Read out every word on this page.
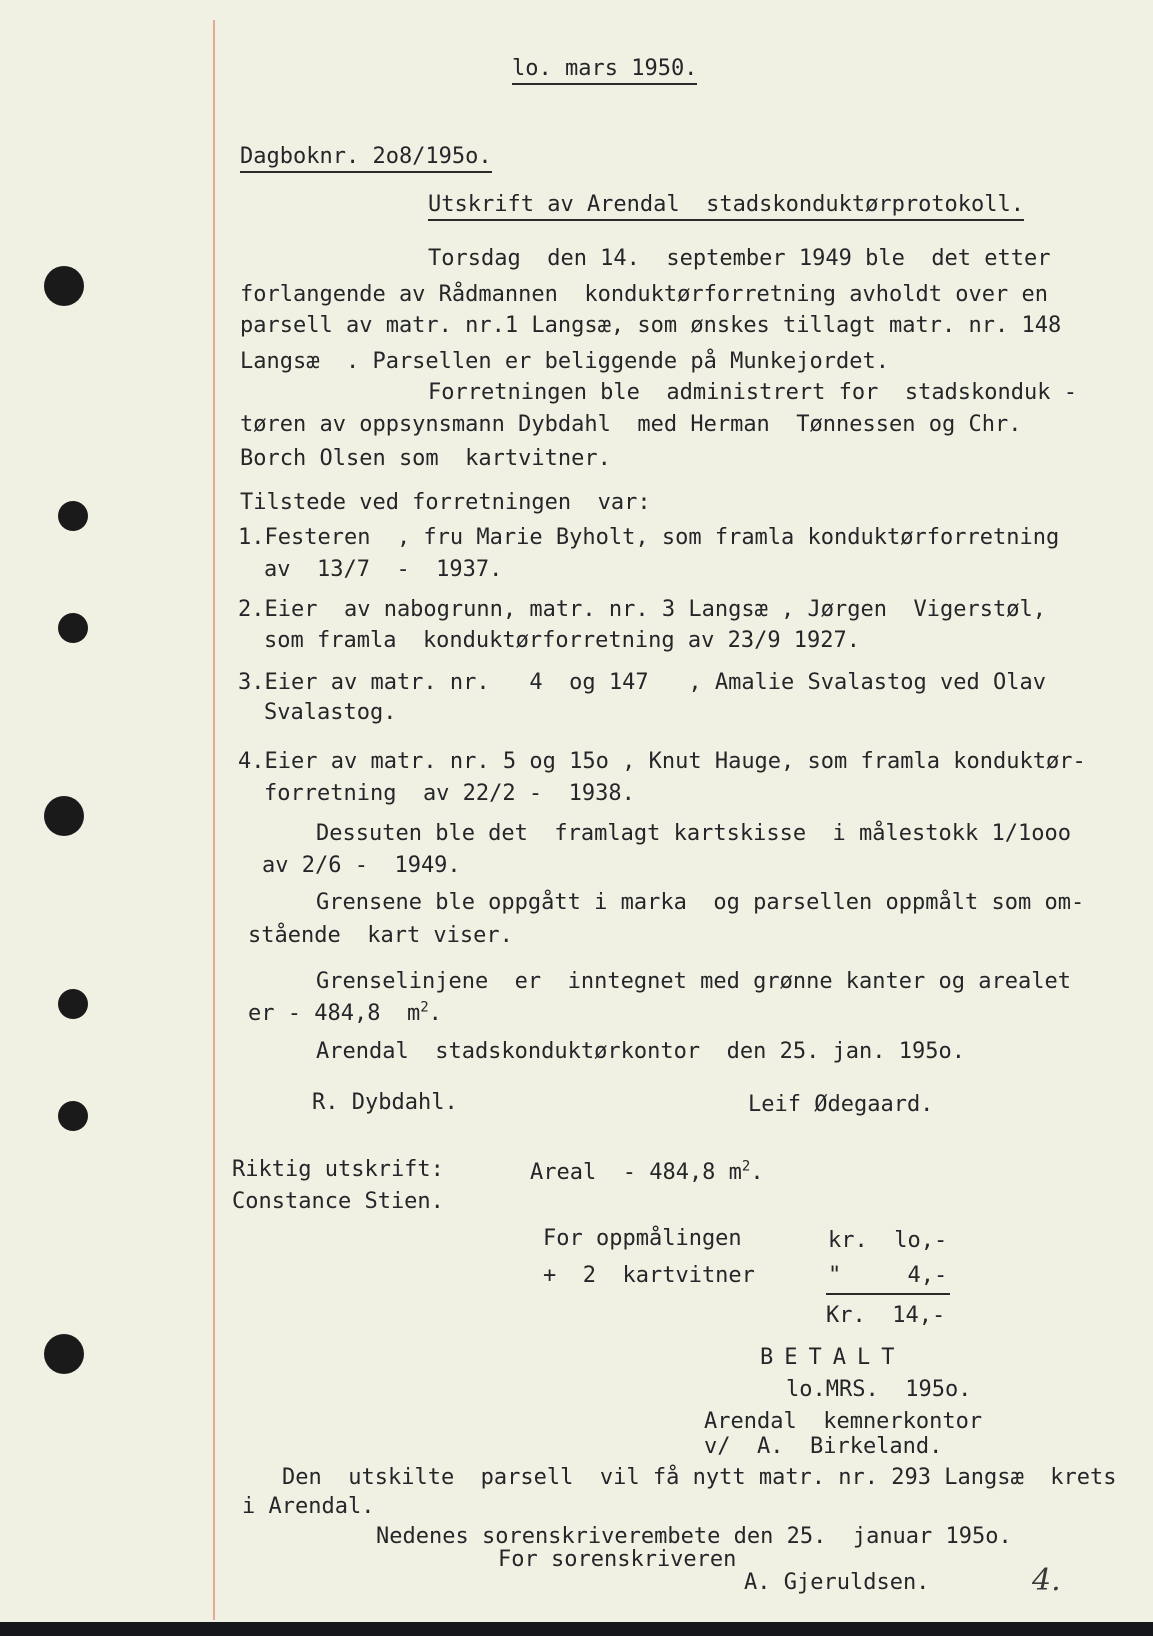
lo. mars 1950.
Dagboknr. 2o8/195o.
Utskrift av Arendal  stadskonduktørprotokoll.
Torsdag  den 14.  september 1949 ble  det etter
forlangende av Rådmannen  konduktørforretning avholdt over en
parsell av matr. nr.1 Langsæ, som ønskes tillagt matr. nr. 148
Langsæ  . Parsellen er beliggende på Munkejordet.
Forretningen ble  administrert for  stadskonduk -
tøren av oppsynsmann Dybdahl  med Herman  Tønnessen og Chr.
Borch Olsen som  kartvitner.
Tilstede ved forretningen  var:
1.Festeren  , fru Marie Byholt, som framla konduktørforretning
av  13/7  -  1937.
2.Eier  av nabogrunn, matr. nr. 3 Langsæ , Jørgen  Vigerstøl,
som framla  konduktørforretning av 23/9 1927.
3.Eier av matr. nr.   4  og 147   , Amalie Svalastog ved Olav
Svalastog.
4.Eier av matr. nr. 5 og 15o , Knut Hauge, som framla konduktør-
forretning  av 22/2 -  1938.
Dessuten ble det  framlagt kartskisse  i målestokk 1/1ooo
av 2/6 -  1949.
Grensene ble oppgått i marka  og parsellen oppmålt som om-
stående  kart viser.
Grenselinjene  er  inntegnet med grønne kanter og arealet
er - 484,8  $m^2$.
Arendal  stadskonduktørkontor  den 25. jan. 195o.
R. Dybdahl.	Leif Ødegaard.
Riktig utskrift:
Constance Stien.
Areal  - 484,8 $m^2$.
For oppmålingen	kr.  lo,-
+  2  kartvitner	"     4,-
Kr.  14,-
BETALT
lo.MRS.  195o.
Arendal  kemnerkontor
v/  A.  Birkeland.
Den  utskilte  parsell  vil få nytt matr. nr. 293 Langsæ  krets
i Arendal.
Nedenes sorenskriverembete den 25.  januar 195o.
For sorenskriveren
A. Gjeruldsen.	4.
